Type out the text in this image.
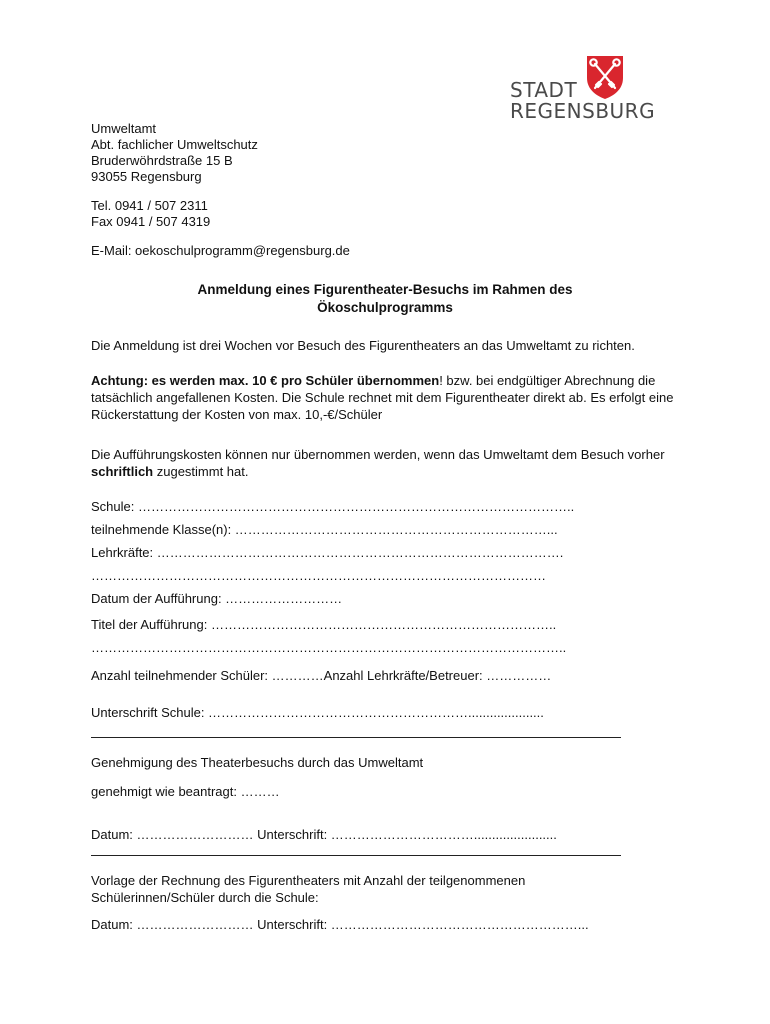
STADT
REGENSBURG
Umweltamt
Abt. fachlicher Umweltschutz
Bruderwöhrdstraße 15 B
93055 Regensburg
Tel. 0941 / 507 2311
Fax 0941 / 507 4319
E-Mail: oekoschulprogramm@regensburg.de
Anmeldung eines Figurentheater-Besuchs im Rahmen des
Ökoschulprogramms
Die Anmeldung ist drei Wochen vor Besuch des Figurentheaters an das Umweltamt zu richten.
Achtung: es werden max. 10 € pro Schüler übernommen! bzw. bei endgültiger Abrechnung die tatsächlich angefallenen Kosten. Die Schule rechnet mit dem Figurentheater direkt ab. Es erfolgt eine Rückerstattung der Kosten von max. 10,-€/Schüler
Die Aufführungskosten können nur übernommen werden, wenn das Umweltamt dem Besuch vorher schriftlich zugestimmt hat.
Schule: ………………………………………………………………………………………..
teilnehmende Klasse(n): ………………………………………………………………...
Lehrkräfte: ………………………………………………………………………………….
……………………………………………………………………………………………
Datum der Aufführung: ………………………
Titel der Aufführung: ……………………………………………………………………..
………………………………………………………………………………………………..
Anzahl teilnehmender Schüler: …………Anzahl Lehrkräfte/Betreuer: ……………
Unterschrift Schule: …………………………………………………….....................
Genehmigung des Theaterbesuchs durch das Umweltamt
genehmigt wie beantragt: ………
Datum: ……………………… Unterschrift: …………………………….......................
Vorlage der Rechnung des Figurentheaters mit Anzahl der teilgenommenen Schülerinnen/Schüler durch die Schule:
Datum: ……………………… Unterschrift: …………………………………………………...
